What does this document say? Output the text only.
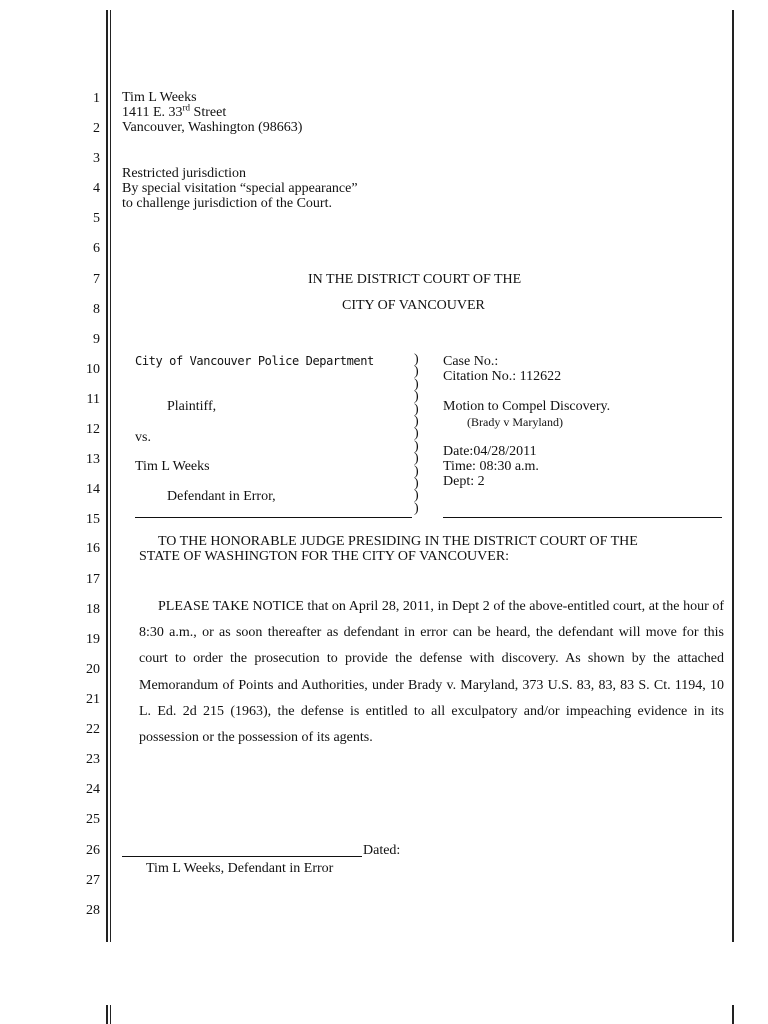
1
2
3
4
5
6
7
8
9
10
11
12
13
14
15
16
17
18
19
20
21
22
23
24
25
26
27
28
Tim L Weeks
1411 E. 33rd Street
Vancouver, Washington (98663)
Restricted jurisdiction
By special visitation “special appearance”
to challenge jurisdiction of the Court.
IN THE DISTRICT COURT OF THE
CITY OF VANCOUVER
City of Vancouver Police Department
Plaintiff,
vs.
Tim L Weeks
Defendant in Error,
)
)
)
)
)
)
)
)
)
)
)
)
)
Case No.:
Citation No.: 112622
Motion to Compel Discovery.
(Brady v Maryland)
Date:04/28/2011
Time: 08:30 a.m.
Dept: 2
TO THE HONORABLE JUDGE PRESIDING IN THE DISTRICT COURT OF THE
STATE OF WASHINGTON FOR THE CITY OF VANCOUVER:
PLEASE TAKE NOTICE that on April 28, 2011, in Dept 2 of the above-entitled court, at the hour of 8:30 a.m., or as soon thereafter as defendant in error can be heard, the defendant will move for this court to order the prosecution to provide the defense with discovery. As shown by the attached Memorandum of Points and Authorities, under Brady v. Maryland, 373 U.S. 83, 83, 83 S. Ct. 1194, 10 L. Ed. 2d 215 (1963), the defense is entitled to all exculpatory and/or impeaching evidence in its possession or the possession of its agents.
Dated:
Tim L Weeks, Defendant in Error
